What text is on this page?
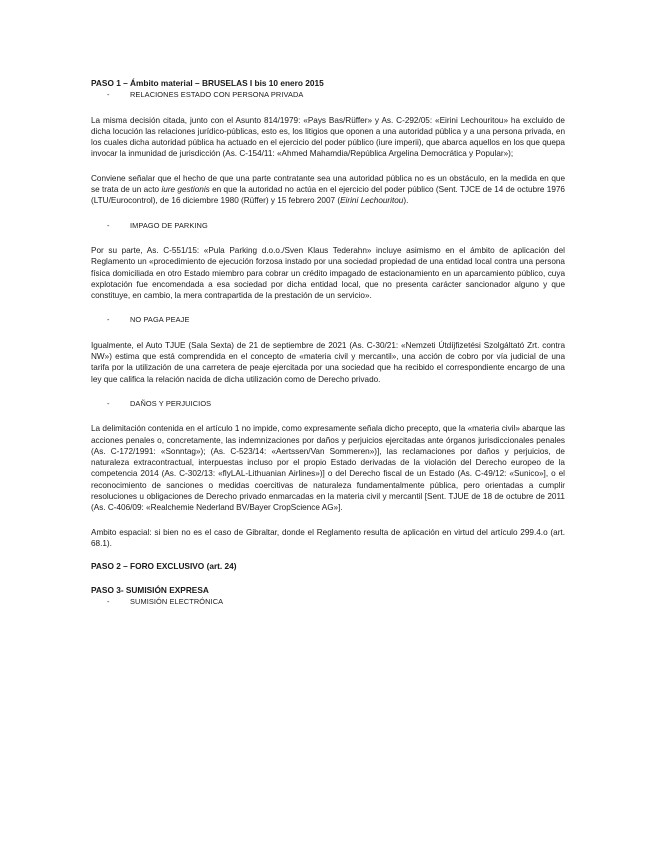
PASO 1 – Ámbito material – BRUSELAS I bis 10 enero 2015

-	RELACIONES ESTADO CON PERSONA PRIVADA

La misma decisión citada, junto con el Asunto 814/1979: «Pays Bas/Rüffer» y As. C-292/05: «Eirini Lechouritou» ha excluido de dicha locución las relaciones jurídico-públicas, esto es, los litigios que oponen a una autoridad pública y a una persona privada, en los cuales dicha autoridad pública ha actuado en el ejercicio del poder público (iure imperii), que abarca aquellos en los que quepa invocar la inmunidad de jurisdicción (As. C-154/11: «Ahmed Mahamdia/República Argelina Democrática y Popular»);

Conviene señalar que el hecho de que una parte contratante sea una autoridad pública no es un obstáculo, en la medida en que se trata de un acto iure gestionis en que la autoridad no actúa en el ejercicio del poder público (Sent. TJCE de 14 de octubre 1976 (LTU/Eurocontrol), de 16 diciembre 1980 (Rüffer) y 15 febrero 2007 (Eirini Lechouritou).

-	IMPAGO DE PARKING

Por su parte, As. C-551/15: «Pula Parking d.o.o./Sven Klaus Tederahn» incluye asimismo en el ámbito de aplicación del Reglamento un «procedimiento de ejecución forzosa instado por una sociedad propiedad de una entidad local contra una persona física domiciliada en otro Estado miembro para cobrar un crédito impagado de estacionamiento en un aparcamiento público, cuya explotación fue encomendada a esa sociedad por dicha entidad local, que no presenta carácter sancionador alguno y que constituye, en cambio, la mera contrapartida de la prestación de un servicio».

-	NO PAGA PEAJE

Igualmente, el Auto TJUE (Sala Sexta) de 21 de septiembre de 2021 (As. C-30/21: «Nemzeti Útdíjfizetési Szolgáltató Zrt. contra NW») estima que está comprendida en el concepto de «materia civil y mercantil», una acción de cobro por vía judicial de una tarifa por la utilización de una carretera de peaje ejercitada por una sociedad que ha recibido el correspondiente encargo de una ley que califica la relación nacida de dicha utilización como de Derecho privado.

-	DAÑOS Y PERJUICIOS

La delimitación contenida en el artículo 1 no impide, como expresamente señala dicho precepto, que la «materia civil» abarque las acciones penales o, concretamente, las indemnizaciones por daños y perjuicios ejercitadas ante órganos jurisdiccionales penales (As. C-172/1991: «Sonntag»); (As. C-523/14: «Aertssen/Van Sommeren»)], las reclamaciones por daños y perjuicios, de naturaleza extracontractual, interpuestas incluso por el propio Estado derivadas de la violación del Derecho europeo de la competencia 2014 (As. C-302/13: «flyLAL-Lithuanian Airlines»)] o del Derecho fiscal de un Estado (As. C-49/12: «Sunico»], o el reconocimiento de sanciones o medidas coercitivas de naturaleza fundamentalmente pública, pero orientadas a cumplir resoluciones u obligaciones de Derecho privado enmarcadas en la materia civil y mercantil [Sent. TJUE de 18 de octubre de 2011 (As. C-406/09: «Realchemie Nederland BV/Bayer CropScience AG»].

Ambito espacial: si bien no es el caso de Gibraltar, donde el Reglamento resulta de aplicación en virtud del artículo 299.4.o (art. 68.1).

PASO 2 – FORO EXCLUSIVO (art. 24)

PASO 3- SUMISIÓN EXPRESA

-	SUMISIÓN ELECTRÓNICA
